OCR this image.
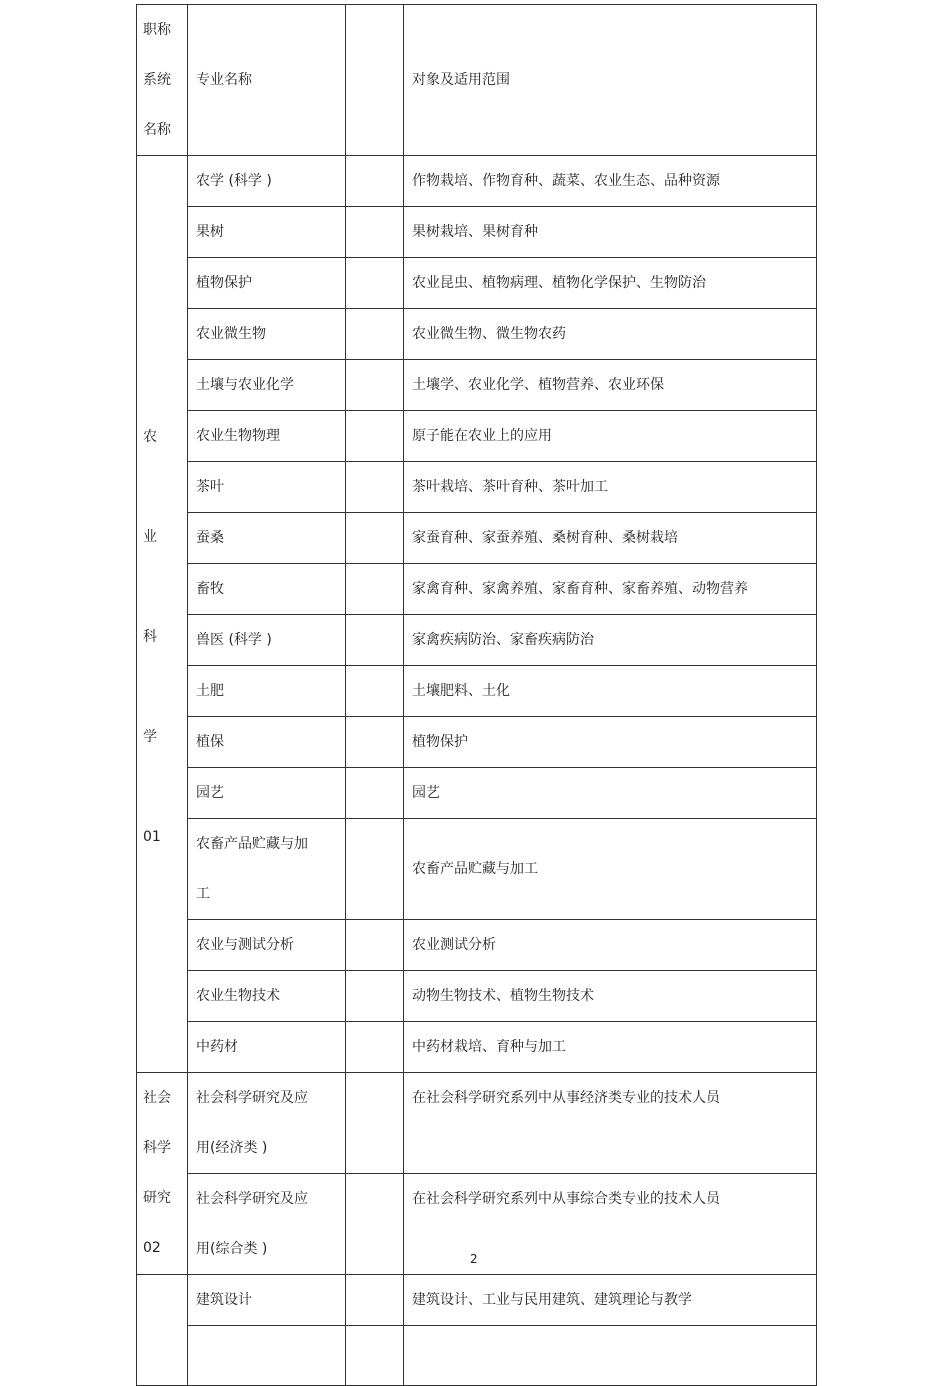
职称
系统
名称	专业名称		对象及适用范围

农
业
科
学
01	农学 (科学 )		作物栽培、作物育种、蔬菜、农业生态、品种资源
	果树		果树栽培、果树育种
	植物保护		农业昆虫、植物病理、植物化学保护、生物防治
	农业微生物		农业微生物、微生物农药
	土壤与农业化学		土壤学、农业化学、植物营养、农业环保
	农业生物物理		原子能在农业上的应用
	茶叶		茶叶栽培、茶叶育种、茶叶加工
	蚕桑		家蚕育种、家蚕养殖、桑树育种、桑树栽培
	畜牧		家禽育种、家禽养殖、家畜育种、家畜养殖、动物营养
	兽医 (科学 )		家禽疾病防治、家畜疾病防治
	土肥		土壤肥料、土化
	植保		植物保护
	园艺		园艺

	农畜产品贮藏与加
工		农畜产品贮藏与加工
	农业与测试分析		农业测试分析
	农业生物技术		动物生物技术、植物生物技术
	中药材		中药材栽培、育种与加工

社会
科学
研究
02	社会科学研究及应
用(经济类 )		在社会科学研究系列中从事经济类专业的技术人员

	社会科学研究及应
用(综合类 )		在社会科学研究系列中从事综合类专业的技术人员
	建筑设计		建筑设计、工业与民用建筑、建筑理论与教学

2
